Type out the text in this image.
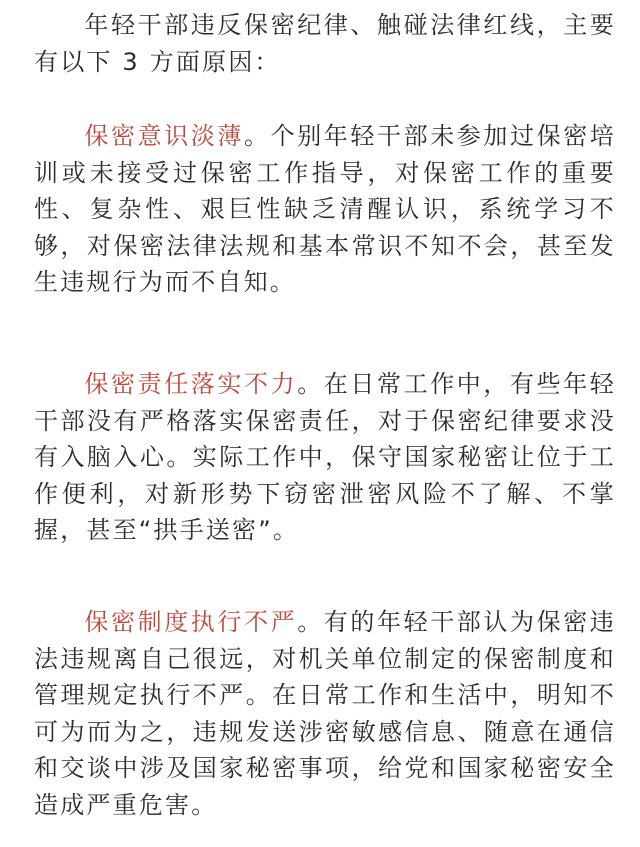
年轻干部违反保密纪律、触碰法律红线，主要有以下 3 方面原因：

保密意识淡薄。个别年轻干部未参加过保密培训或未接受过保密工作指导，对保密工作的重要性、复杂性、艰巨性缺乏清醒认识，系统学习不够，对保密法律法规和基本常识不知不会，甚至发生违规行为而不自知。

保密责任落实不力。在日常工作中，有些年轻干部没有严格落实保密责任，对于保密纪律要求没有入脑入心。实际工作中，保守国家秘密让位于工作便利，对新形势下窃密泄密风险不了解、不掌握，甚至“拱手送密”。

保密制度执行不严。有的年轻干部认为保密违法违规离自己很远，对机关单位制定的保密制度和管理规定执行不严。在日常工作和生活中，明知不可为而为之，违规发送涉密敏感信息、随意在通信和交谈中涉及国家秘密事项，给党和国家秘密安全造成严重危害。
